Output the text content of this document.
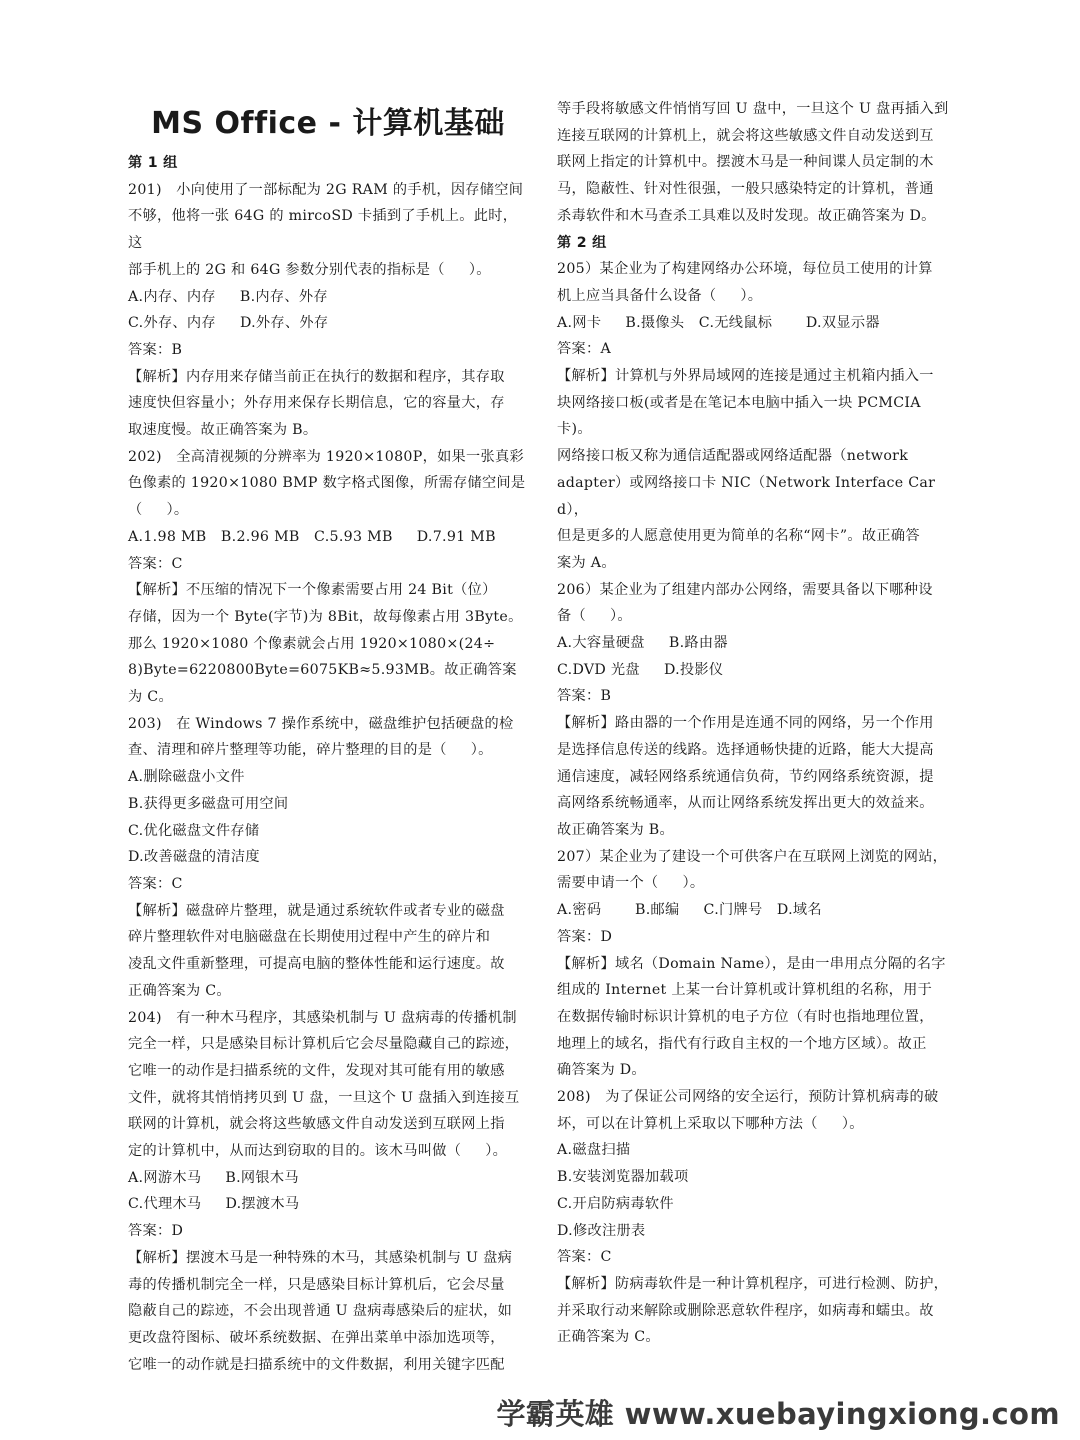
MS Office - 计算机基础

第 1 组

201)   小向使用了一部标配为 2G RAM 的手机，因存储空间

不够，他将一张 64G 的 mircoSD 卡插到了手机上。此时，这

部手机上的 2G 和 64G 参数分别代表的指标是（     ）。

A.内存、内存     B.内存、外存

C.外存、内存     D.外存、外存

答案：B

【解析】内存用来存储当前正在执行的数据和程序，其存取

速度快但容量小；外存用来保存长期信息，它的容量大，存

取速度慢。故正确答案为 B。

202)   全高清视频的分辨率为 1920×1080P，如果一张真彩

色像素的 1920×1080 BMP 数字格式图像，所需存储空间是

（     ）。

A.1.98 MB   B.2.96 MB   C.5.93 MB     D.7.91 MB

答案：C

【解析】不压缩的情况下一个像素需要占用 24 Bit（位）

存储，因为一个 Byte(字节)为 8Bit，故每像素占用 3Byte。

那么 1920×1080 个像素就会占用 1920×1080×(24÷

8)Byte=6220800Byte=6075KB≈5.93MB。故正确答案为 C。

203)   在 Windows 7 操作系统中，磁盘维护包括硬盘的检

查、清理和碎片整理等功能，碎片整理的目的是（     ）。

A.删除磁盘小文件

B.获得更多磁盘可用空间

C.优化磁盘文件存储

D.改善磁盘的清洁度

答案：C

【解析】磁盘碎片整理，就是通过系统软件或者专业的磁盘

碎片整理软件对电脑磁盘在长期使用过程中产生的碎片和

凌乱文件重新整理，可提高电脑的整体性能和运行速度。故

正确答案为 C。

204)   有一种木马程序，其感染机制与 U 盘病毒的传播机制

完全一样，只是感染目标计算机后它会尽量隐藏自己的踪迹，

它唯一的动作是扫描系统的文件，发现对其可能有用的敏感

文件，就将其悄悄拷贝到 U 盘，一旦这个 U 盘插入到连接互

联网的计算机，就会将这些敏感文件自动发送到互联网上指

定的计算机中，从而达到窃取的目的。该木马叫做（     ）。

A.网游木马     B.网银木马

C.代理木马     D.摆渡木马

答案：D

【解析】摆渡木马是一种特殊的木马，其感染机制与 U 盘病

毒的传播机制完全一样，只是感染目标计算机后，它会尽量

隐蔽自己的踪迹，不会出现普通 U 盘病毒感染后的症状，如

更改盘符图标、破坏系统数据、在弹出菜单中添加选项等，

它唯一的动作就是扫描系统中的文件数据，利用关键字匹配

等手段将敏感文件悄悄写回 U 盘中，一旦这个 U 盘再插入到

连接互联网的计算机上，就会将这些敏感文件自动发送到互

联网上指定的计算机中。摆渡木马是一种间谍人员定制的木

马，隐蔽性、针对性很强，一般只感染特定的计算机，普通

杀毒软件和木马查杀工具难以及时发现。故正确答案为 D。

第 2 组

205）某企业为了构建网络办公环境，每位员工使用的计算

机上应当具备什么设备（     ）。

A.网卡     B.摄像头   C.无线鼠标       D.双显示器

答案：A

【解析】计算机与外界局域网的连接是通过主机箱内插入一

块网络接口板(或者是在笔记本电脑中插入一块 PCMCIA 卡)。

网络接口板又称为通信适配器或网络适配器（network

adapter）或网络接口卡 NIC（Network Interface Card），

但是更多的人愿意使用更为简单的名称“网卡”。故正确答

案为 A。

206）某企业为了组建内部办公网络，需要具备以下哪种设

备（     ）。

A.大容量硬盘     B.路由器

C.DVD 光盘     D.投影仪

答案：B

【解析】路由器的一个作用是连通不同的网络，另一个作用

是选择信息传送的线路。选择通畅快捷的近路，能大大提高

通信速度，减轻网络系统通信负荷，节约网络系统资源，提

高网络系统畅通率，从而让网络系统发挥出更大的效益来。

故正确答案为 B。

207）某企业为了建设一个可供客户在互联网上浏览的网站，

需要申请一个（     ）。

A.密码       B.邮编     C.门牌号   D.域名

答案：D

【解析】域名（Domain Name），是由一串用点分隔的名字

组成的 Internet 上某一台计算机或计算机组的名称，用于

在数据传输时标识计算机的电子方位（有时也指地理位置，

地理上的域名，指代有行政自主权的一个地方区域）。故正

确答案为 D。

208)   为了保证公司网络的安全运行，预防计算机病毒的破

坏，可以在计算机上采取以下哪种方法（     ）。

A.磁盘扫描

B.安装浏览器加载项

C.开启防病毒软件

D.修改注册表

答案：C

【解析】防病毒软件是一种计算机程序，可进行检测、防护，

并采取行动来解除或删除恶意软件程序，如病毒和蠕虫。故

正确答案为 C。

学霸英雄 www.xuebayingxiong.com
